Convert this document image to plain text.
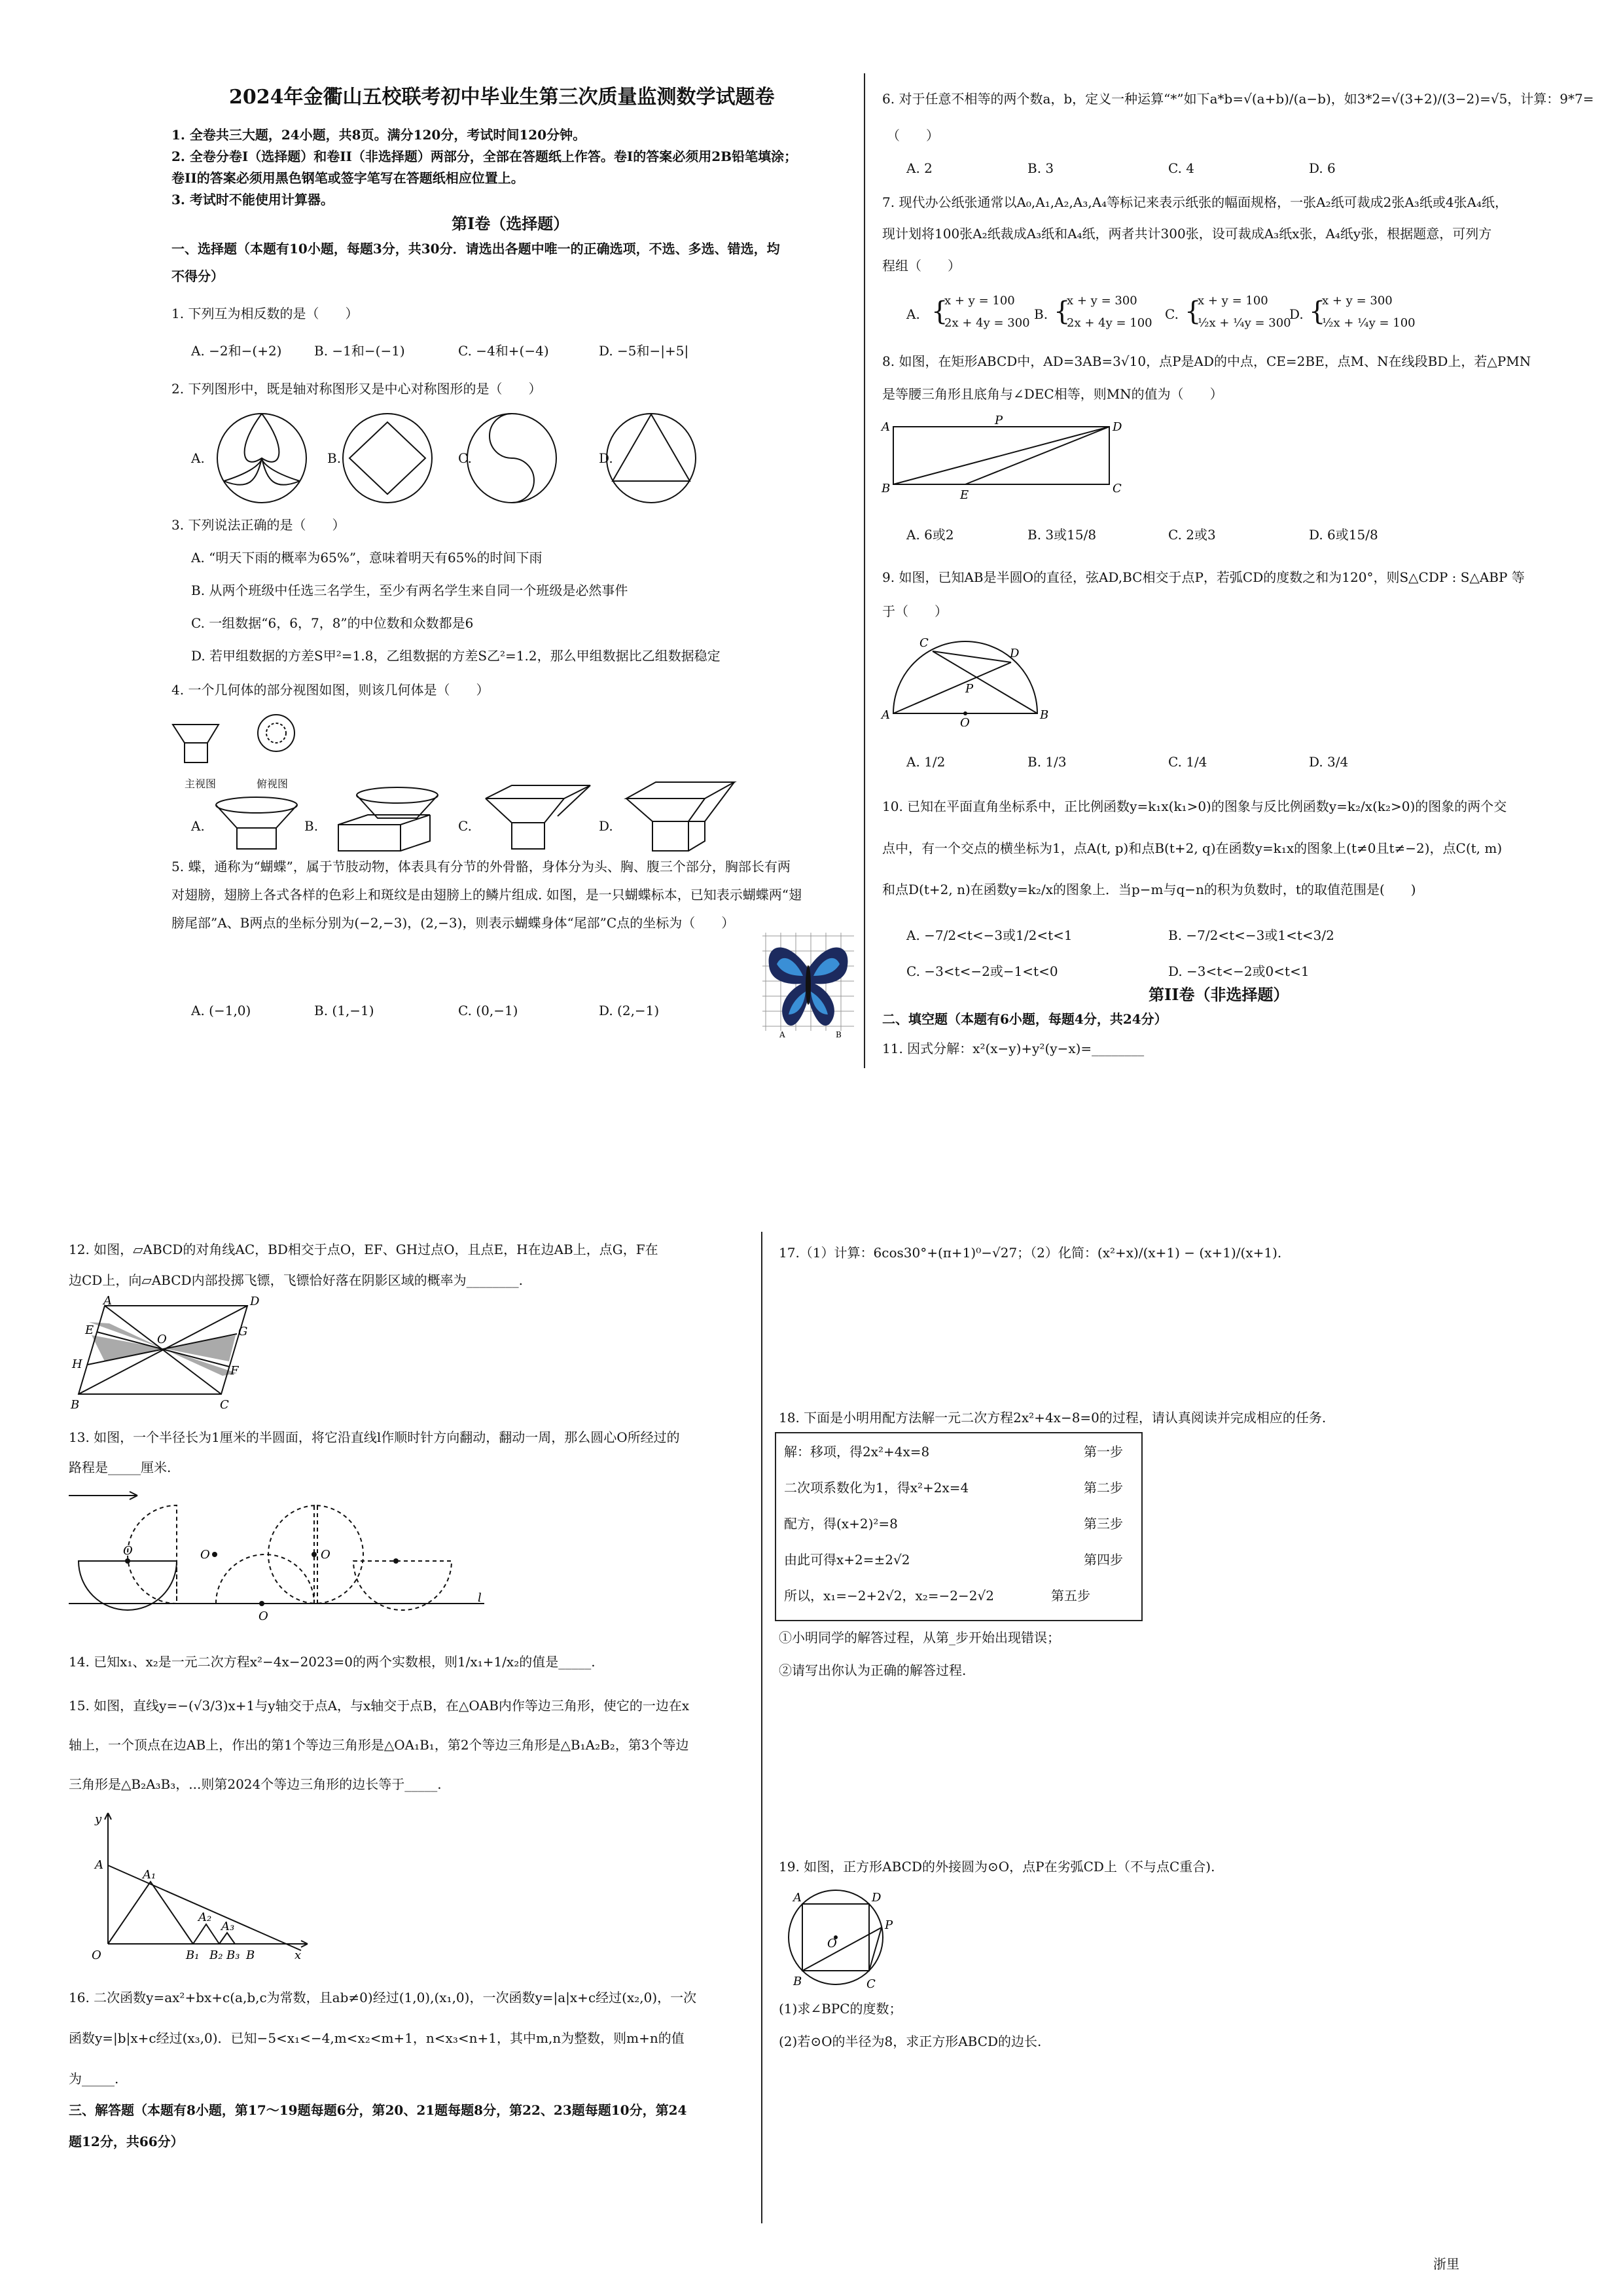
2024年金衢山五校联考初中毕业生第三次质量监测数学试题卷
1. 全卷共三大题，24小题，共8页。满分120分，考试时间120分钟。
2. 全卷分卷Ⅰ（选择题）和卷II（非选择题）两部分，全部在答题纸上作答。卷Ⅰ的答案必须用2B铅笔填涂；
卷II的答案必须用黑色钢笔或签字笔写在答题纸相应位置上。
3. 考试时不能使用计算器。
第Ⅰ卷（选择题）
一、选择题（本题有10小题，每题3分，共30分．请选出各题中唯一的正确选项，不选、多选、错选，均
不得分）
1. 下列互为相反数的是（　　）
A. −2和−(+2) B. −1和−(−1)	C. −4和+(−4)	D. −5和−|+5|
2. 下列图形中，既是轴对称图形又是中心对称图形的是（　　）
A.	B.	C.	D.
3. 下列说法正确的是（　　）
A. “明天下雨的概率为65%”，意味着明天有65%的时间下雨
B. 从两个班级中任选三名学生，至少有两名学生来自同一个班级是必然事件
C. 一组数据“6，6，7，8”的中位数和众数都是6
D. 若甲组数据的方差S甲²=1.8，乙组数据的方差S乙²=1.2，那么甲组数据比乙组数据稳定
4. 一个几何体的部分视图如图，则该几何体是（　　）
主视图	俯视图
A.	B.	C.	D.
5. 蝶，通称为“蝴蝶”，属于节肢动物，体表具有分节的外骨骼，身体分为头、胸、腹三个部分，胸部长有两
对翅膀，翅膀上各式各样的色彩上和斑纹是由翅膀上的鳞片组成. 如图，是一只蝴蝶标本，已知表示蝴蝶两“翅
膀尾部”A、B两点的坐标分别为(−2,−3)，(2,−3)，则表示蝴蝶身体“尾部”C点的坐标为（　　）
A. (−1,0)	B. (1,−1)	C. (0,−1)	D. (2,−1)
A	B
6. 对于任意不相等的两个数a，b，定义一种运算“*”如下a*b=√(a+b)/(a−b)，如3*2=√(3+2)/(3−2)=√5，计算：9*7=
（　　）
A. 2	B. 3	C. 4	D. 6
7. 现代办公纸张通常以A₀,A₁,A₂,A₃,A₄等标记来表示纸张的幅面规格，一张A₂纸可裁成2张A₃纸或4张A₄纸，
现计划将100张A₂纸裁成A₃纸和A₄纸，两者共计300张，设可裁成A₃纸x张，A₄纸y张，根据题意，可列方
程组（　　）
A. {
x + y = 100
2x + 4y = 300
B. {
x + y = 300
2x + 4y = 100
C. {
x + y = 100
½x + ¼y = 300
D. {
x + y = 300
½x + ¼y = 100
8. 如图，在矩形ABCD中，AD=3AB=3√10，点P是AD的中点，CE=2BE，点M、N在线段BD上，若△PMN
是等腰三角形且底角与∠DEC相等，则MN的值为（　　）
A	P	D
B	E	C
A. 6或2	B. 3或15/8	C. 2或3	D. 6或15/8
9. 如图，已知AB是半圆O的直径，弦AD,BC相交于点P，若弧CD的度数之和为120°，则S△CDP : S△ABP 等
于（　　）
C
D
P
A
O
B
A. 1/2	B. 1/3	C. 1/4	D. 3/4
10. 已知在平面直角坐标系中，正比例函数y=k₁x(k₁>0)的图象与反比例函数y=k₂/x(k₂>0)的图象的两个交
点中，有一个交点的横坐标为1，点A(t, p)和点B(t+2, q)在函数y=k₁x的图象上(t≠0且t≠−2)，点C(t, m)
和点D(t+2, n)在函数y=k₂/x的图象上．当p−m与q−n的积为负数时，t的取值范围是(　　)
A. −7/2<t<−3或1/2<t<1	B. −7/2<t<−3或1<t<3/2
C. −3<t<−2或−1<t<0	D. −3<t<−2或0<t<1
第II卷（非选择题）
二、填空题（本题有6小题，每题4分，共24分）
11. 因式分解：x²(x−y)+y²(y−x)=________
12. 如图，▱ABCD的对角线AC，BD相交于点O，EF、GH过点O，且点E，H在边AB上，点G，F在
边CD上，向▱ABCD内部投掷飞镖，飞镖恰好落在阴影区域的概率为________.
A	D
E
O
G
H	F
B	C
13. 如图，一个半径长为1厘米的半圆面，将它沿直线l作顺时针方向翻动，翻动一周，那么圆心O所经过的
路程是_____厘米.
O	O
O
O
l
14. 已知x₁、x₂是一元二次方程x²−4x−2023=0的两个实数根，则1/x₁+1/x₂的值是_____.
15. 如图，直线y=−(√3/3)x+1与y轴交于点A，与x轴交于点B，在△OAB内作等边三角形，使它的一边在x
轴上，一个顶点在边AB上，作出的第1个等边三角形是△OA₁B₁，第2个等边三角形是△B₁A₂B₂，第3个等边
三角形是△B₂A₃B₃，...则第2024个等边三角形的边长等于_____.
y
A
A₁
A₂
A₃
O	B₁ B₂ B₃ B	x
16. 二次函数y=ax²+bx+c(a,b,c为常数，且ab≠0)经过(1,0),(x₁,0)，一次函数y=|a|x+c经过(x₂,0)，一次
函数y=|b|x+c经过(x₃,0)．已知−5<x₁<−4,m<x₂<m+1，n<x₃<n+1，其中m,n为整数，则m+n的值
为_____.
三、解答题（本题有8小题，第17～19题每题6分，第20、21题每题8分，第22、23题每题10分，第24
题12分，共66分）
17.（1）计算：6cos30°+(π+1)⁰−√27；（2）化简：(x²+x)/(x+1) − (x+1)/(x+1).
18. 下面是小明用配方法解一元二次方程2x²+4x−8=0的过程，请认真阅读并完成相应的任务.
解：移项，得2x²+4x=8	第一步
二次项系数化为1，得x²+2x=4	第二步
配方，得(x+2)²=8	第三步
由此可得x+2=±2√2	第四步
所以，x₁=−2+2√2，x₂=−2−2√2	第五步
①小明同学的解答过程，从第_步开始出现错误；
②请写出你认为正确的解答过程.
19. 如图，正方形ABCD的外接圆为⊙O，点P在劣弧CD上（不与点C重合).
A	D
O
P
B	C
(1)求∠BPC的度数；
(2)若⊙O的半径为8，求正方形ABCD的边长.
浙里
